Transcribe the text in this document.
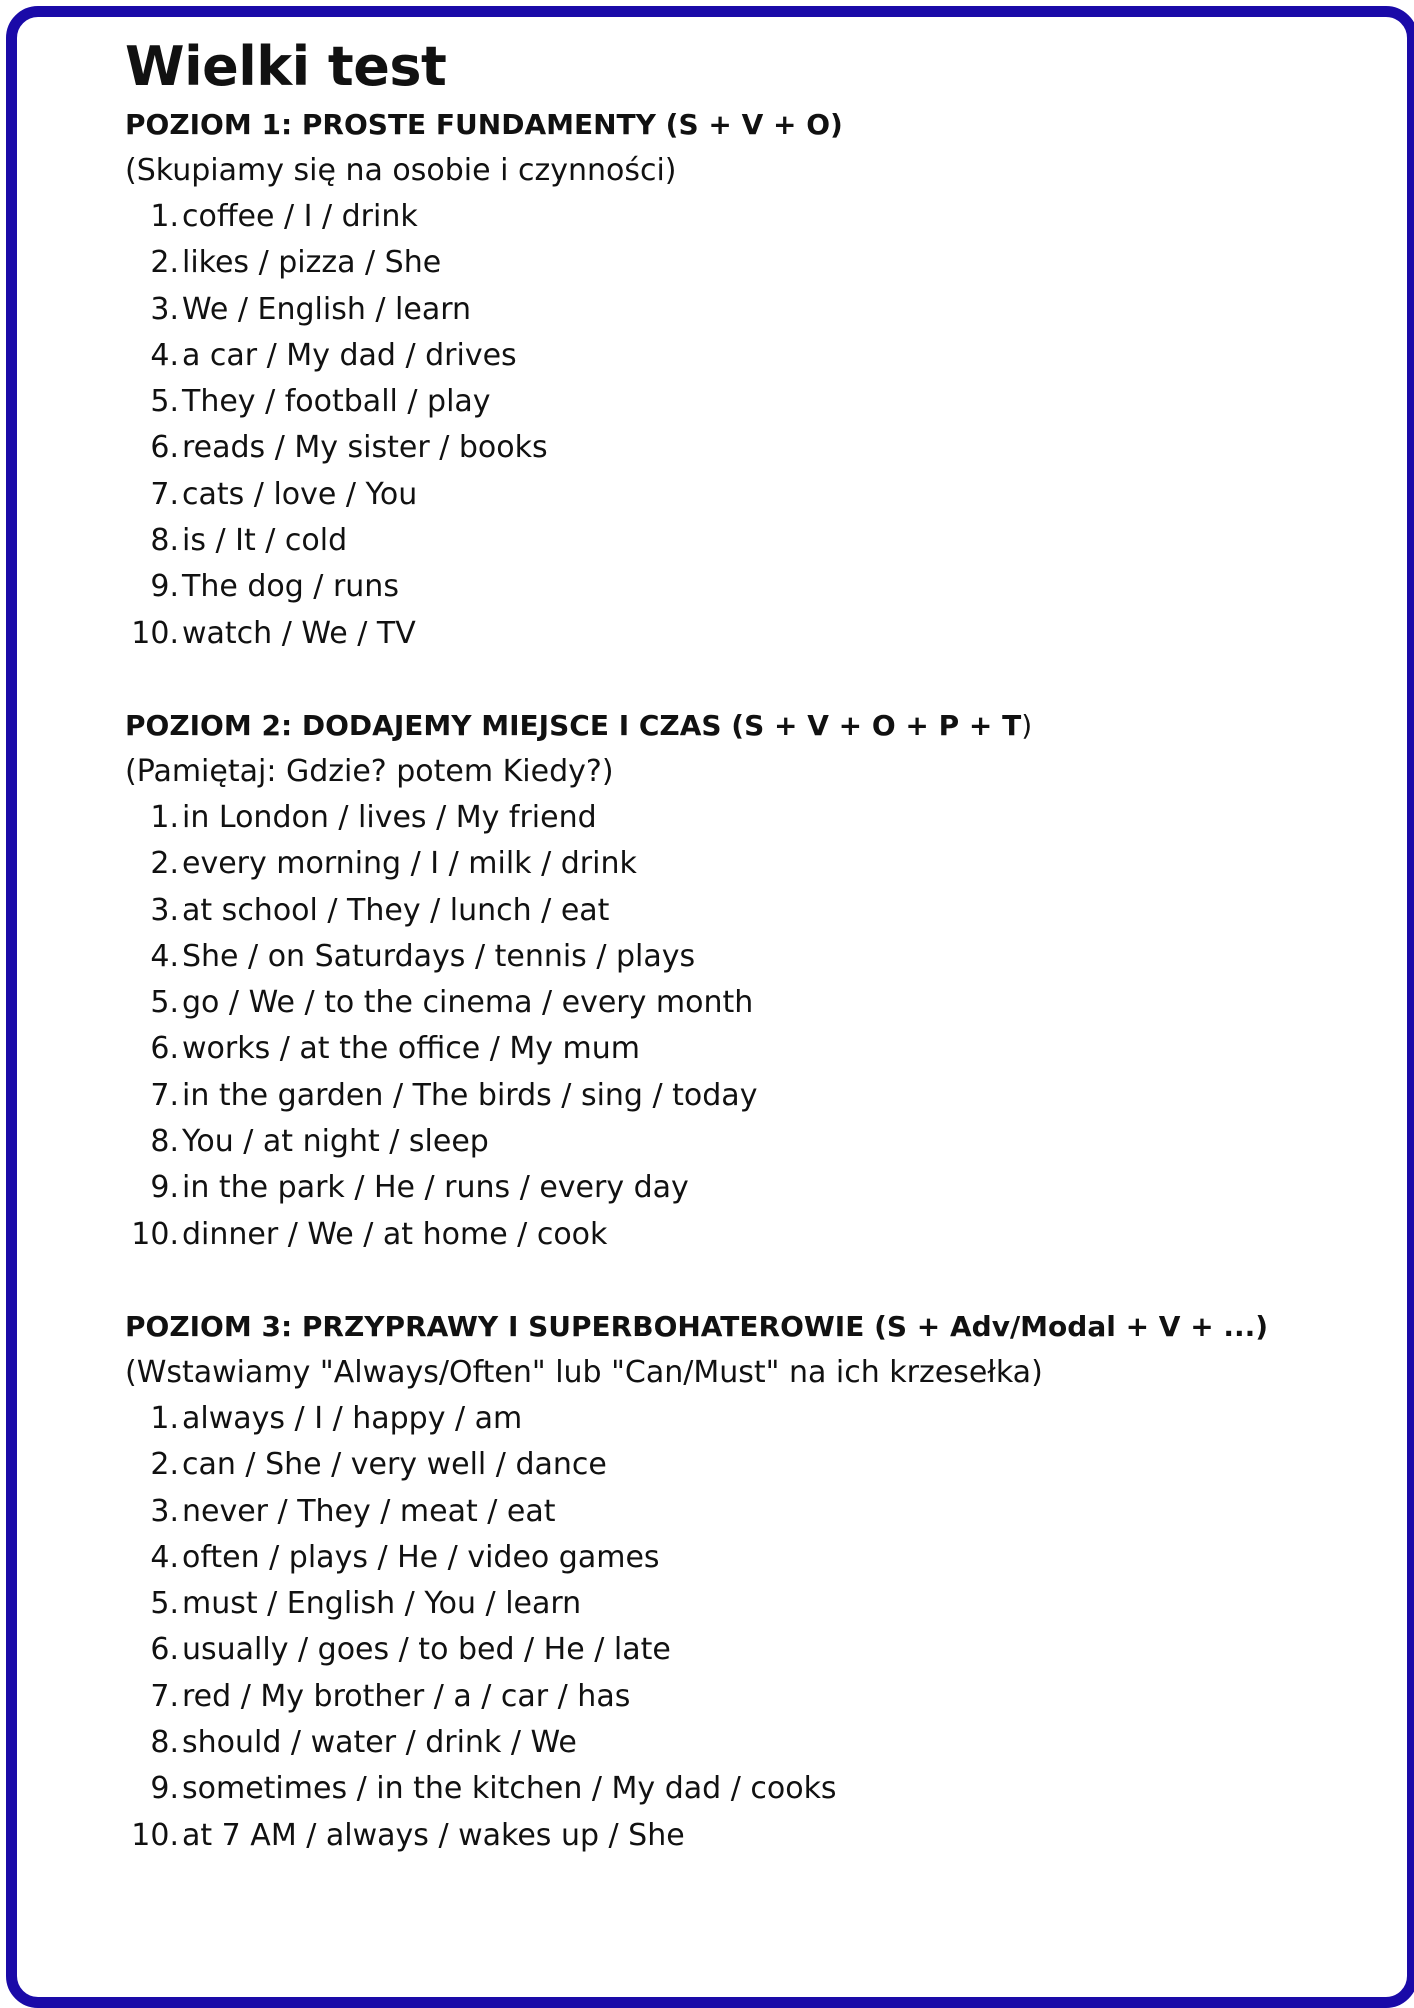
Wielki test
POZIOM 1: PROSTE FUNDAMENTY (S + V + O)
(Skupiamy się na osobie i czynności)
1. coffee / I / drink
2. likes / pizza / She
3. We / English / learn
4. a car / My dad / drives
5. They / football / play
6. reads / My sister / books
7. cats / love / You
8. is / It / cold
9. The dog / runs
10. watch / We / TV
POZIOM 2: DODAJEMY MIEJSCE I CZAS (S + V + O + P + T)
(Pamiętaj: Gdzie? potem Kiedy?)
1. in London / lives / My friend
2. every morning / I / milk / drink
3. at school / They / lunch / eat
4. She / on Saturdays / tennis / plays
5. go / We / to the cinema / every month
6. works / at the office / My mum
7. in the garden / The birds / sing / today
8. You / at night / sleep
9. in the park / He / runs / every day
10. dinner / We / at home / cook
POZIOM 3: PRZYPRAWY I SUPERBOHATEROWIE (S + Adv/Modal + V + ...)
(Wstawiamy "Always/Often" lub "Can/Must" na ich krzesełka)
1. always / I / happy / am
2. can / She / very well / dance
3. never / They / meat / eat
4. often / plays / He / video games
5. must / English / You / learn
6. usually / goes / to bed / He / late
7. red / My brother / a / car / has
8. should / water / drink / We
9. sometimes / in the kitchen / My dad / cooks
10. at 7 AM / always / wakes up / She
